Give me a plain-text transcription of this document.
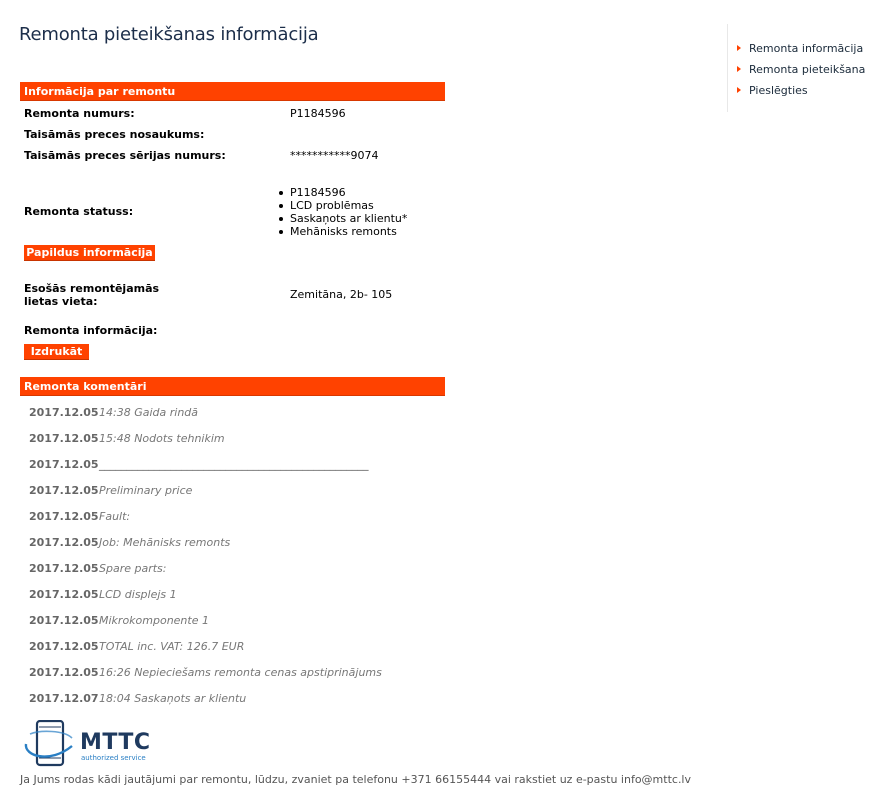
Remonta pieteikšanas informācija
Informācija par remontu
Remonta numurs:	P1184596
Taisāmās preces nosaukums:
Taisāmās preces sērijas numurs:	***********9074
Remonta statuss:
P1184596
LCD problēmas
Saskaņots ar klientu*
Mehānisks remonts
Papildus informācija
Esošās remontējamās
lietas vieta:
Zemitāna, 2b- 105
Remonta informācija:
Izdrukāt
Remonta komentāri
2017.12.0514:38 Gaida rindā
2017.12.0515:48 Nodots tehnikim
2017.12.05_________________________________________________
2017.12.05Preliminary price
2017.12.05Fault:
2017.12.05Job: Mehānisks remonts
2017.12.05Spare parts:
2017.12.05LCD displejs 1
2017.12.05Mikrokomponente 1
2017.12.05TOTAL inc. VAT: 126.7 EUR
2017.12.0516:26 Nepieciešams remonta cenas apstiprinājums
2017.12.0718:04 Saskaņots ar klientu
Remonta informācija
Remonta pieteikšana
Pieslēgties
MTTC
authorized service
Ja Jums rodas kādi jautājumi par remontu, lūdzu, zvaniet pa telefonu +371 66155444 vai rakstiet uz e-pastu info@mttc.lv
